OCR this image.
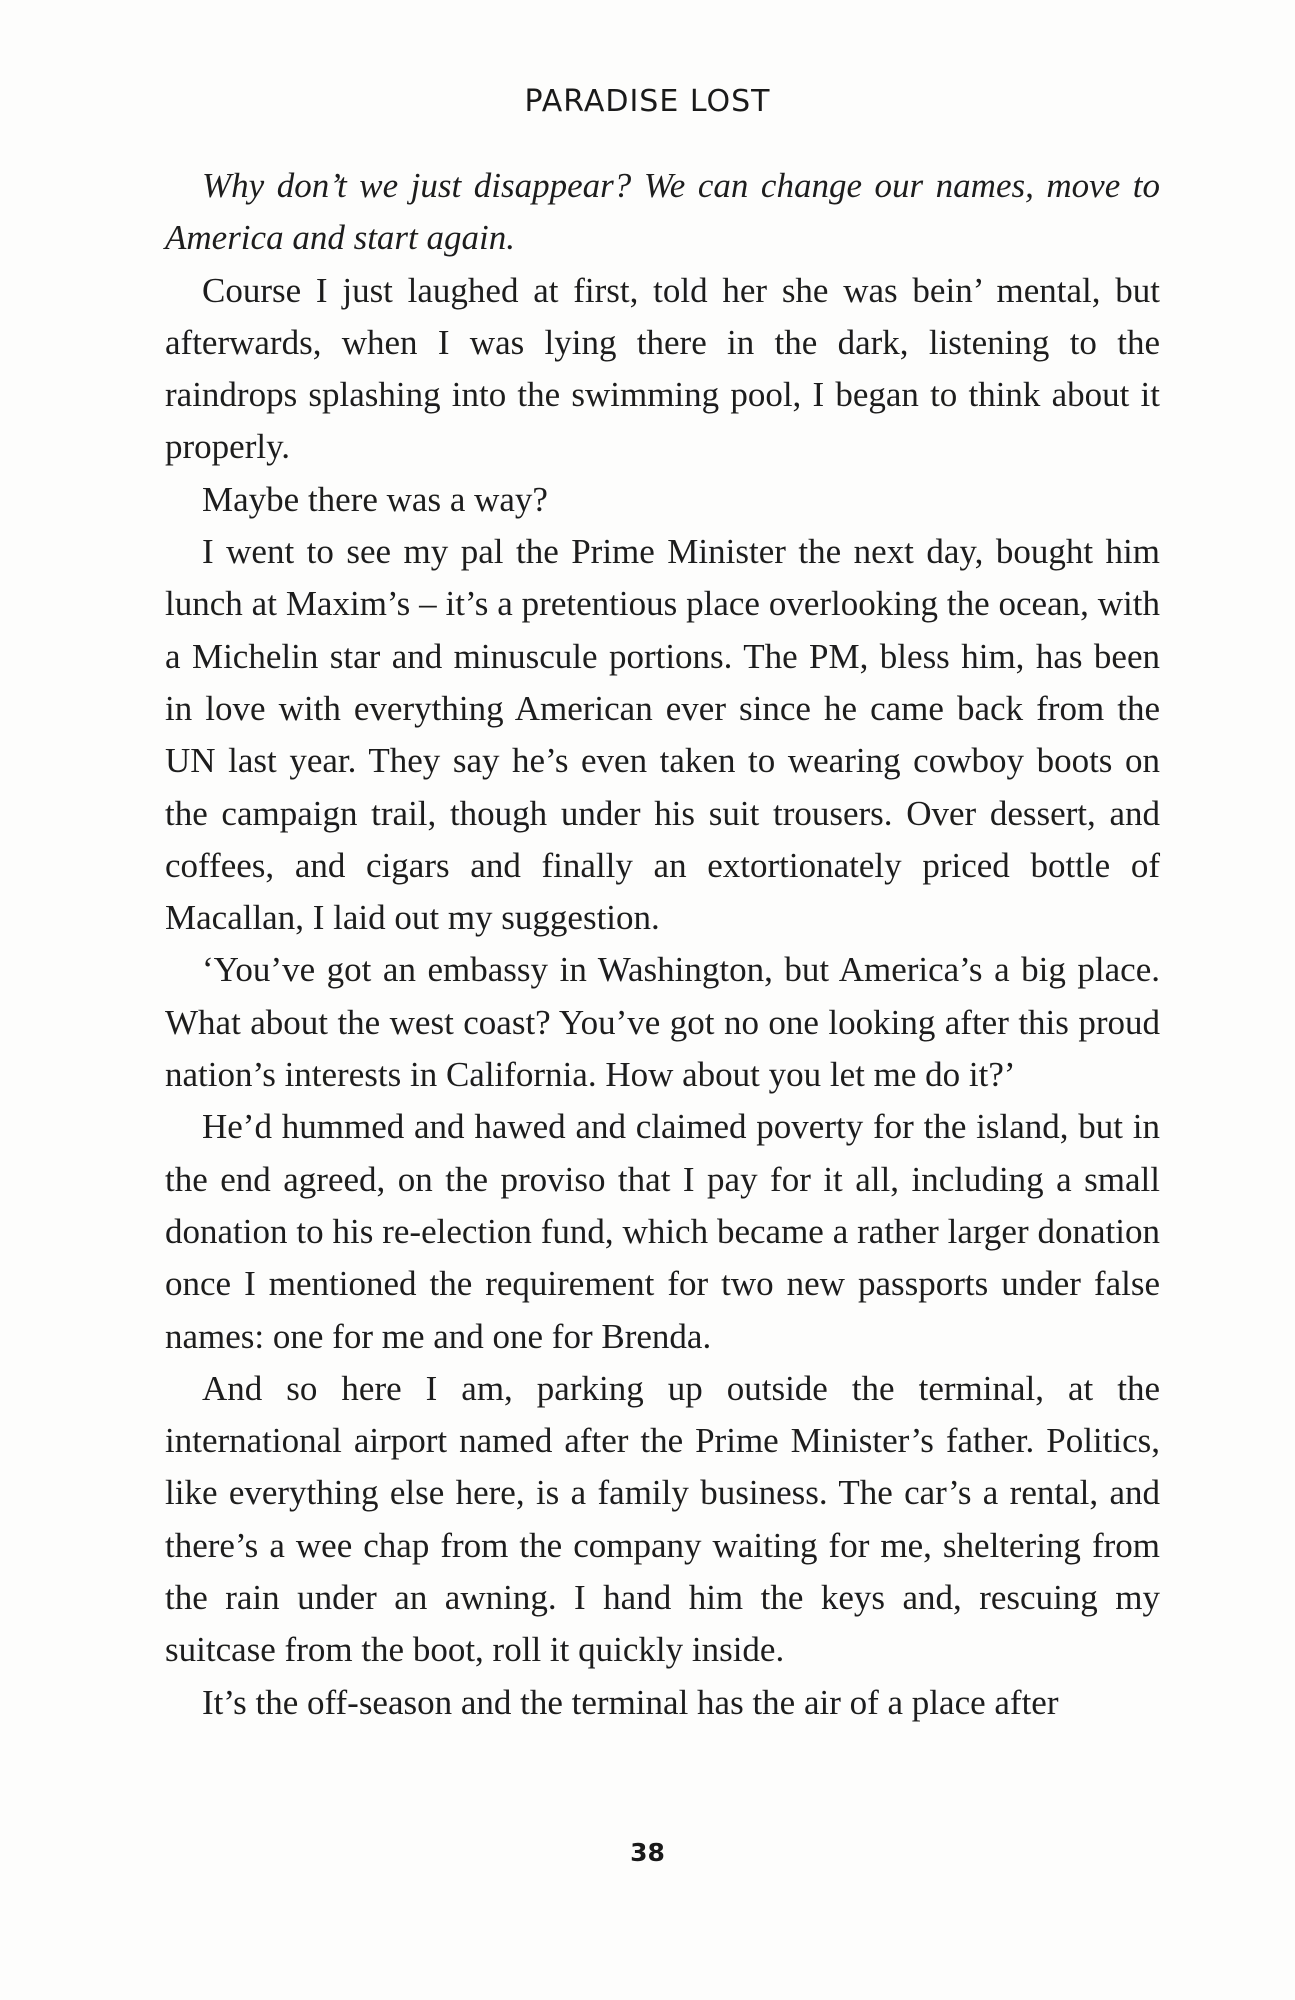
PARADISE LOST

Why don’t we just disappear? We can change our names, move to America and start again.

Course I just laughed at first, told her she was bein’ mental, but afterwards, when I was lying there in the dark, listening to the raindrops splashing into the swimming pool, I began to think about it properly.

Maybe there was a way?

I went to see my pal the Prime Minister the next day, bought him lunch at Maxim’s – it’s a pretentious place overlooking the ocean, with a Michelin star and minuscule portions. The PM, bless him, has been in love with everything American ever since he came back from the UN last year. They say he’s even taken to wearing cowboy boots on the campaign trail, though under his suit trousers. Over dessert, and coffees, and cigars and finally an extortionately priced bottle of Macallan, I laid out my suggestion.

‘You’ve got an embassy in Washington, but America’s a big place. What about the west coast? You’ve got no one looking after this proud nation’s interests in California. How about you let me do it?’

He’d hummed and hawed and claimed poverty for the island, but in the end agreed, on the proviso that I pay for it all, including a small donation to his re-election fund, which became a rather larger donation once I mentioned the requirement for two new passports under false names: one for me and one for Brenda.

And so here I am, parking up outside the terminal, at the international airport named after the Prime Minister’s father. Politics, like everything else here, is a family business. The car’s a rental, and there’s a wee chap from the company waiting for me, sheltering from the rain under an awning. I hand him the keys and, rescuing my suitcase from the boot, roll it quickly inside.

It’s the off-season and the terminal has the air of a place after

38
